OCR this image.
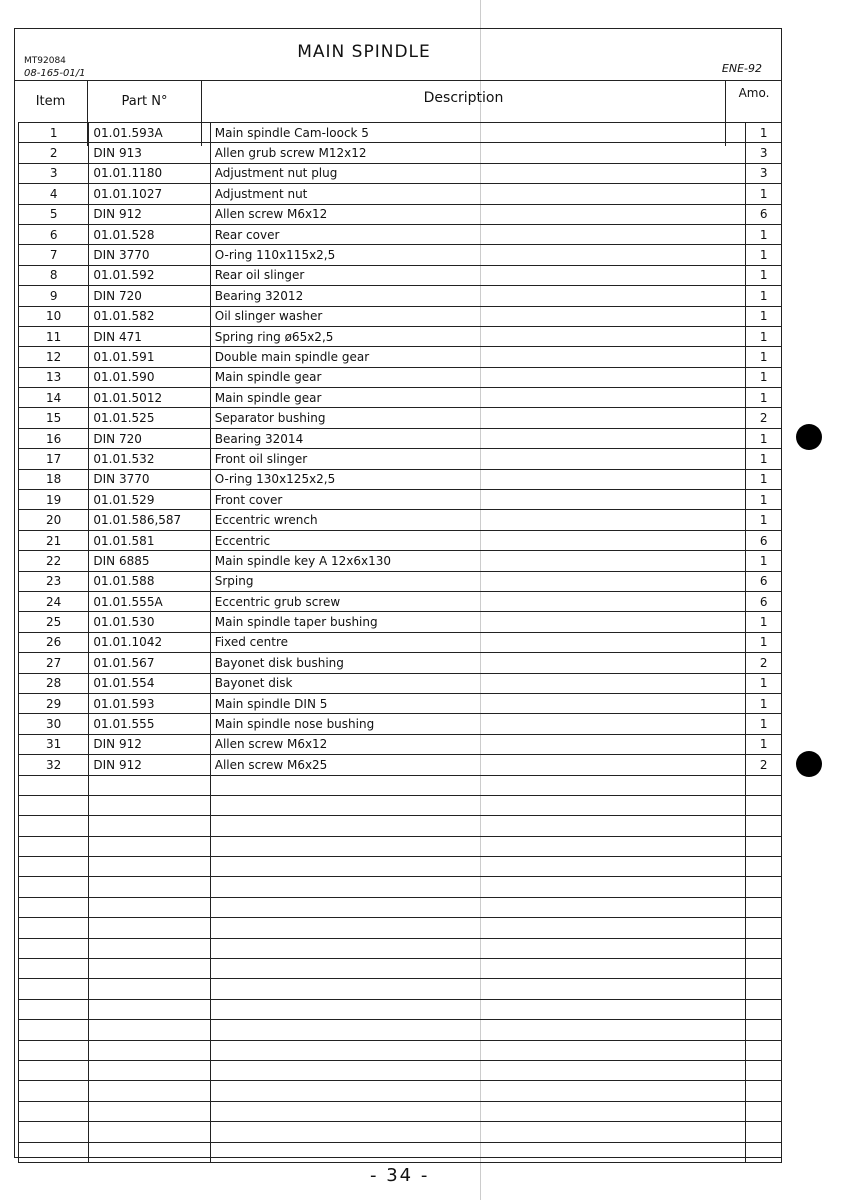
MAIN SPINDLE
MT92084
08-165-01/1	ENE-92
Item	Part N°	Description	Amo.
1	01.01.593A	Main spindle Cam-loock 5	1
2	DIN 913	Allen grub screw M12x12	3
3	01.01.1180	Adjustment nut plug	3
4	01.01.1027	Adjustment nut	1
5	DIN 912	Allen screw M6x12	6
6	01.01.528	Rear cover	1
7	DIN 3770	O-ring 110x115x2,5	1
8	01.01.592	Rear oil slinger	1
9	DIN 720	Bearing 32012	1
10	01.01.582	Oil slinger washer	1
11	DIN 471	Spring ring ø65x2,5	1
12	01.01.591	Double main spindle gear	1
13	01.01.590	Main spindle gear	1
14	01.01.5012	Main spindle gear	1
15	01.01.525	Separator bushing	2
16	DIN 720	Bearing 32014	1
17	01.01.532	Front oil slinger	1
18	DIN 3770	O-ring 130x125x2,5	1
19	01.01.529	Front cover	1
20	01.01.586,587	Eccentric wrench	1
21	01.01.581	Eccentric	6
22	DIN 6885	Main spindle key A 12x6x130	1
23	01.01.588	Srping	6
24	01.01.555A	Eccentric grub screw	6
25	01.01.530	Main spindle taper bushing	1
26	01.01.1042	Fixed centre	1
27	01.01.567	Bayonet disk bushing	2
28	01.01.554	Bayonet disk	1
29	01.01.593	Main spindle DIN 5	1
30	01.01.555	Main spindle nose bushing	1
31	DIN 912	Allen screw M6x12	1
32	DIN 912	Allen screw M6x25	2

- 34 -
